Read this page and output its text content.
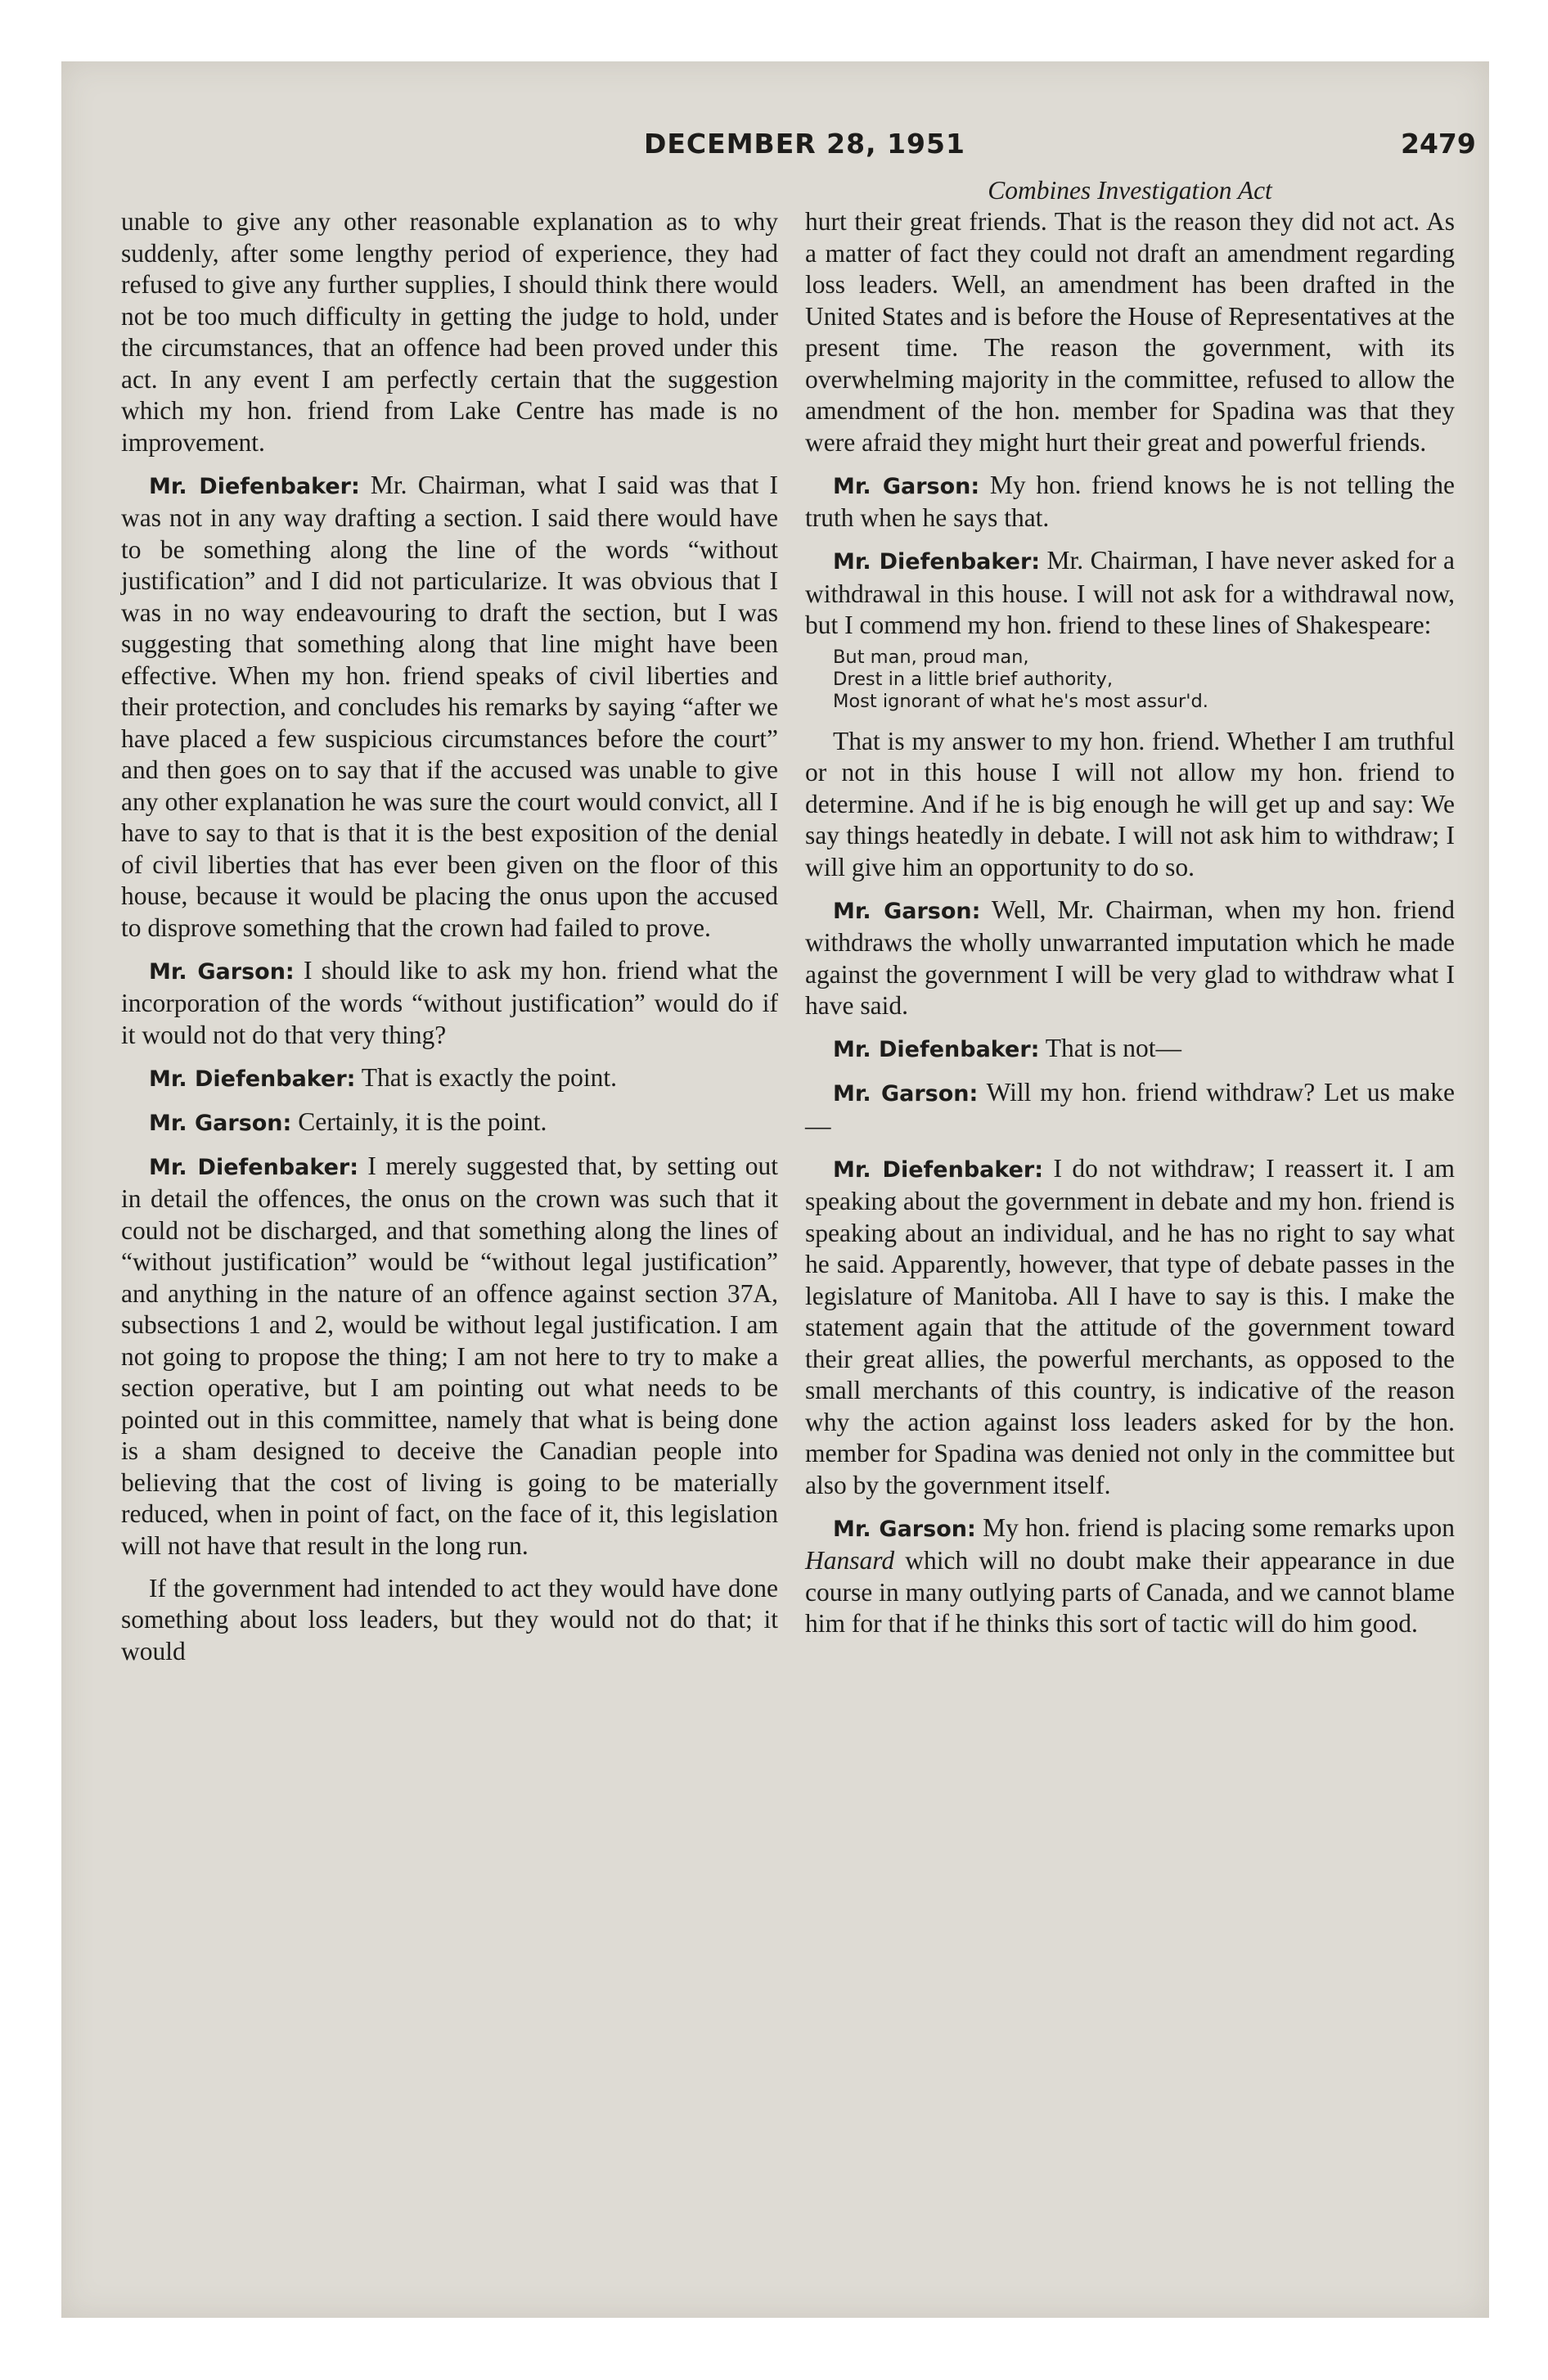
DECEMBER 28, 1951	2479

unable to give any other reasonable explanation as to why suddenly, after some lengthy period of experience, they had refused to give any further supplies, I should think there would not be too much difficulty in getting the judge to hold, under the circumstances, that an offence had been proved under this act. In any event I am perfectly certain that the suggestion which my hon. friend from Lake Centre has made is no improvement.

Mr. Diefenbaker: Mr. Chairman, what I said was that I was not in any way drafting a section. I said there would have to be something along the line of the words “without justification” and I did not particularize. It was obvious that I was in no way endeavouring to draft the section, but I was suggesting that something along that line might have been effective. When my hon. friend speaks of civil liberties and their protection, and concludes his remarks by saying “after we have placed a few suspicious circumstances before the court” and then goes on to say that if the accused was unable to give any other explanation he was sure the court would convict, all I have to say to that is that it is the best exposition of the denial of civil liberties that has ever been given on the floor of this house, because it would be placing the onus upon the accused to disprove something that the crown had failed to prove.

Mr. Garson: I should like to ask my hon. friend what the incorporation of the words “without justification” would do if it would not do that very thing?

Mr. Diefenbaker: That is exactly the point.

Mr. Garson: Certainly, it is the point.

Mr. Diefenbaker: I merely suggested that, by setting out in detail the offences, the onus on the crown was such that it could not be discharged, and that something along the lines of “without justification” would be “without legal justification” and anything in the nature of an offence against section 37A, subsections 1 and 2, would be without legal justification. I am not going to propose the thing; I am not here to try to make a section operative, but I am pointing out what needs to be pointed out in this committee, namely that what is being done is a sham designed to deceive the Canadian people into believing that the cost of living is going to be materially reduced, when in point of fact, on the face of it, this legislation will not have that result in the long run.

If the government had intended to act they would have done something about loss leaders, but they would not do that; it would

Combines Investigation Act

hurt their great friends. That is the reason they did not act. As a matter of fact they could not draft an amendment regarding loss leaders. Well, an amendment has been drafted in the United States and is before the House of Representatives at the present time. The reason the government, with its overwhelming majority in the committee, refused to allow the amendment of the hon. member for Spadina was that they were afraid they might hurt their great and powerful friends.

Mr. Garson: My hon. friend knows he is not telling the truth when he says that.

Mr. Diefenbaker: Mr. Chairman, I have never asked for a withdrawal in this house. I will not ask for a withdrawal now, but I commend my hon. friend to these lines of Shakespeare:

But man, proud man,
Drest in a little brief authority,
Most ignorant of what he's most assur'd.

That is my answer to my hon. friend. Whether I am truthful or not in this house I will not allow my hon. friend to determine. And if he is big enough he will get up and say: We say things heatedly in debate. I will not ask him to withdraw; I will give him an opportunity to do so.

Mr. Garson: Well, Mr. Chairman, when my hon. friend withdraws the wholly unwarranted imputation which he made against the government I will be very glad to withdraw what I have said.

Mr. Diefenbaker: That is not—

Mr. Garson: Will my hon. friend withdraw? Let us make—

Mr. Diefenbaker: I do not withdraw; I reassert it. I am speaking about the government in debate and my hon. friend is speaking about an individual, and he has no right to say what he said. Apparently, however, that type of debate passes in the legislature of Manitoba. All I have to say is this. I make the statement again that the attitude of the government toward their great allies, the powerful merchants, as opposed to the small merchants of this country, is indicative of the reason why the action against loss leaders asked for by the hon. member for Spadina was denied not only in the committee but also by the government itself.

Mr. Garson: My hon. friend is placing some remarks upon Hansard which will no doubt make their appearance in due course in many outlying parts of Canada, and we cannot blame him for that if he thinks this sort of tactic will do him good.
